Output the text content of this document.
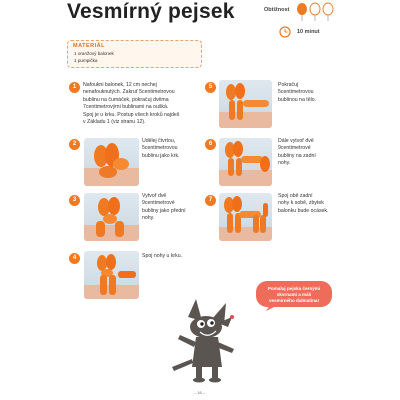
Vesmírný pejsek	Obtížnost
10 minut
MATERIÁL
1 oranžový balonek
1 pumpička
1	Nafoukni balonek, 12 cm nechej
nenafouknutých. Zakruť 5centimetrovou
bublinu na čumáček, pokračuj dvěma
7centimetrovými bublinami na oušká.
Spoj je u krku. Postup všech kroků najdeš
v Základu 1 (viz stranu 12).
2	Udělej čtvrtou,
5centimetrovou
bublinu jako krk.
3
Vytvoř dvě
9centimetrové
bubliny jako přední
nohy.
4	Spoj nohy u krku.
5	Pokračuj
5centimetrovou
bublinou na tělo.
6	Dále vytvoř dvě
9centimetrové
bubliny na zadní
nohy.
7
Spoj obě zadní
nohy k sobě, zbytek
balonku bude ocásek.
Pomaluj pejska černými
skvrnami a máš
vesmírného dalmatina!
– 16 –
